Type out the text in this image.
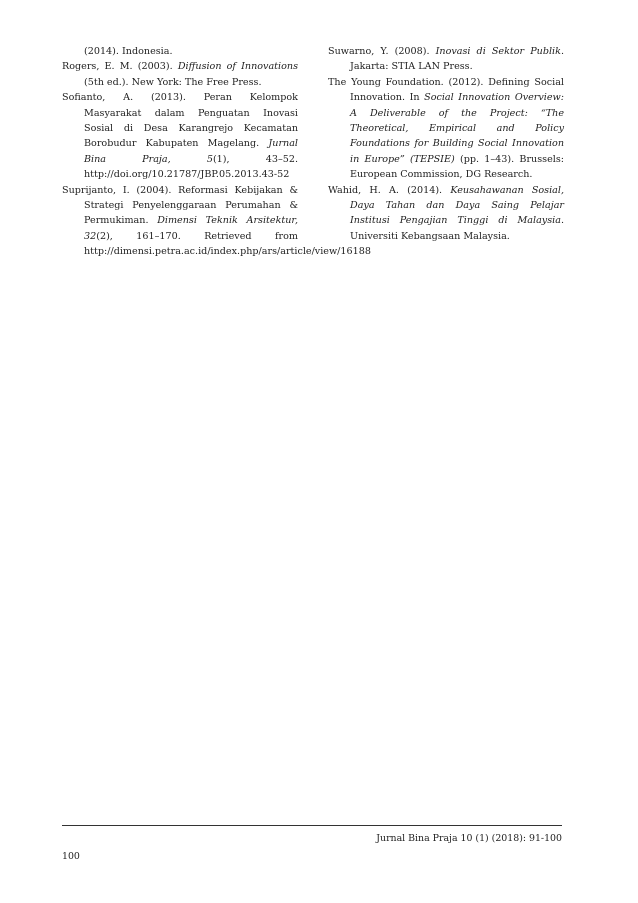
(2014). Indonesia.

Rogers, E. M. (2003). Diffusion of Innovations (5th ed.). New York: The Free Press.

Sofianto, A. (2013). Peran Kelompok Masyarakat dalam Penguatan Inovasi Sosial di Desa Karangrejo Kecamatan Borobudur Kabupaten Magelang. Jurnal Bina Praja, 5(1), 43–52. http://doi.org/10.21787/JBP.05.2013.43-52

Suprijanto, I. (2004). Reformasi Kebijakan & Strategi Penyelenggaraan Perumahan & Permukiman. Dimensi Teknik Arsitektur, 32(2), 161–170. Retrieved from http://dimensi.petra.ac.id/index.php/ars/article/view/16188

Suwarno, Y. (2008). Inovasi di Sektor Publik. Jakarta: STIA LAN Press.

The Young Foundation. (2012). Defining Social Innovation. In Social Innovation Overview: A Deliverable of the Project: “The Theoretical, Empirical and Policy Foundations for Building Social Innovation in Europe” (TEPSIE) (pp. 1–43). Brussels: European Commission, DG Research.

Wahid, H. A. (2014). Keusahawanan Sosial, Daya Tahan dan Daya Saing Pelajar Institusi Pengajian Tinggi di Malaysia. Universiti Kebangsaan Malaysia.

Jurnal Bina Praja 10 (1) (2018): 91-100
100
